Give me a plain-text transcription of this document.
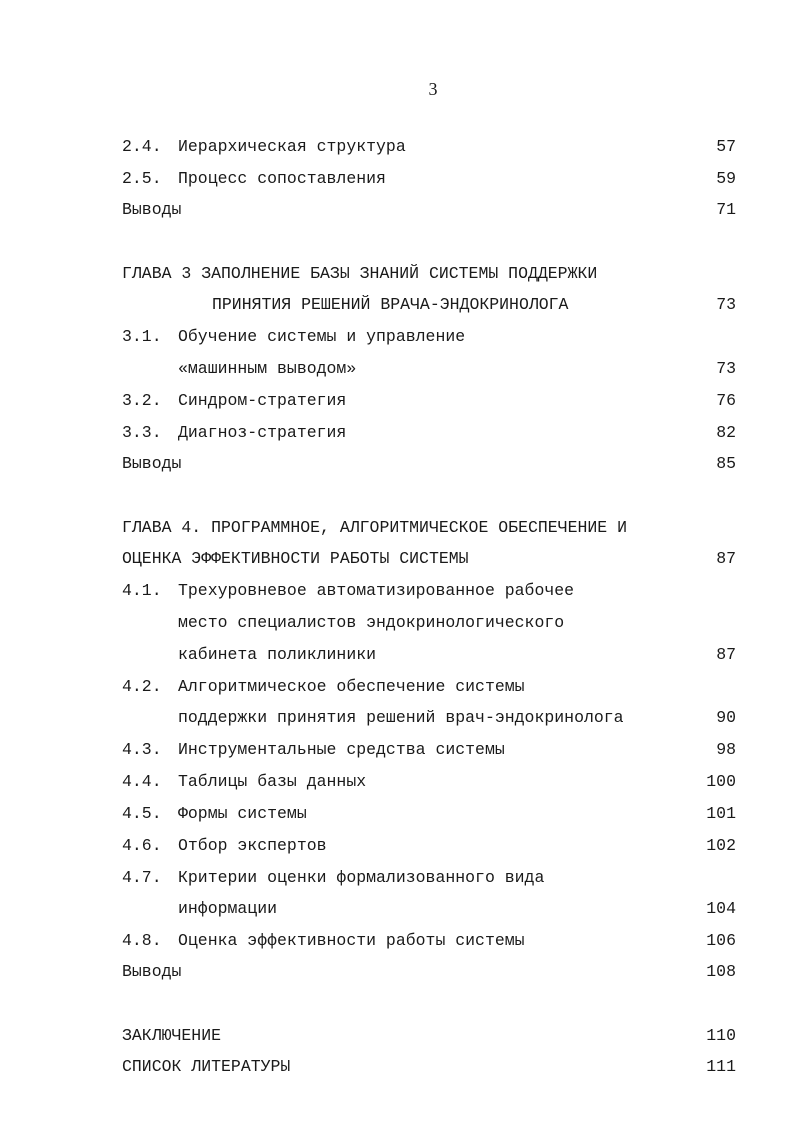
3
2.4. Иерархическая структура	57
2.5. Процесс сопоставления	59
Выводы	71
ГЛАВА 3 ЗАПОЛНЕНИЕ БАЗЫ ЗНАНИЙ СИСТЕМЫ ПОДДЕРЖКИ
ПРИНЯТИЯ РЕШЕНИЙ ВРАЧА-ЭНДОКРИНОЛОГА	73
3.1. Обучение системы и управление
«машинным выводом»	73
3.2. Синдром-стратегия	76
3.3. Диагноз-стратегия	82
Выводы	85
ГЛАВА 4. ПРОГРАММНОЕ, АЛГОРИТМИЧЕСКОЕ ОБЕСПЕЧЕНИЕ И
ОЦЕНКА ЭФФЕКТИВНОСТИ РАБОТЫ СИСТЕМЫ	87
4.1. Трехуровневое автоматизированное рабочее
место специалистов эндокринологического
кабинета поликлиники	87
4.2. Алгоритмическое обеспечение системы
поддержки принятия решений врач-эндокринолога	90
4.3. Инструментальные средства системы	98
4.4. Таблицы базы данных	100
4.5. Формы системы	101
4.6. Отбор экспертов	102
4.7. Критерии оценки формализованного вида
информации	104
4.8. Оценка эффективности работы системы	106
Выводы	108
ЗАКЛЮЧЕНИЕ	110
СПИСОК ЛИТЕРАТУРЫ	111
